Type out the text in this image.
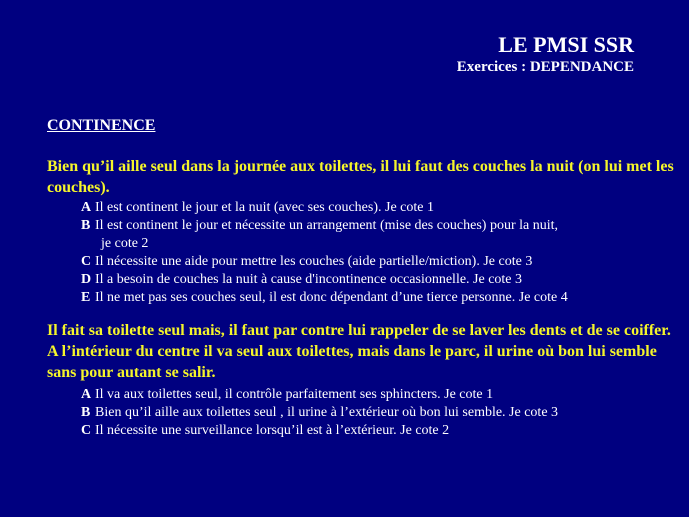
LE PMSI SSR
Exercices : DEPENDANCE
CONTINENCE
Bien qu’il aille seul dans la journée aux toilettes, il lui faut des couches la nuit (on lui met les couches).
A Il est continent le jour et la nuit (avec ses couches). Je cote 1
B Il est continent le jour et nécessite un arrangement (mise des couches) pour la nuit,
je cote 2
C Il nécessite une aide pour mettre les couches (aide partielle/miction). Je cote 3
D Il a besoin de couches la nuit à cause d'incontinence occasionnelle. Je cote 3
E Il ne met pas ses couches seul, il est donc dépendant d’une tierce personne. Je cote 4
Il fait sa toilette seul mais, il faut par contre lui rappeler de se laver les dents et de se coiffer. A l’intérieur du centre il va seul aux toilettes, mais dans le parc, il urine où bon lui semble sans pour autant se salir.
A Il va aux toilettes seul, il contrôle parfaitement ses sphincters. Je cote 1
B Bien qu’il aille aux toilettes seul , il urine à l’extérieur où bon lui semble. Je cote 3
C Il nécessite une surveillance lorsqu’il est à l’extérieur. Je cote 2
